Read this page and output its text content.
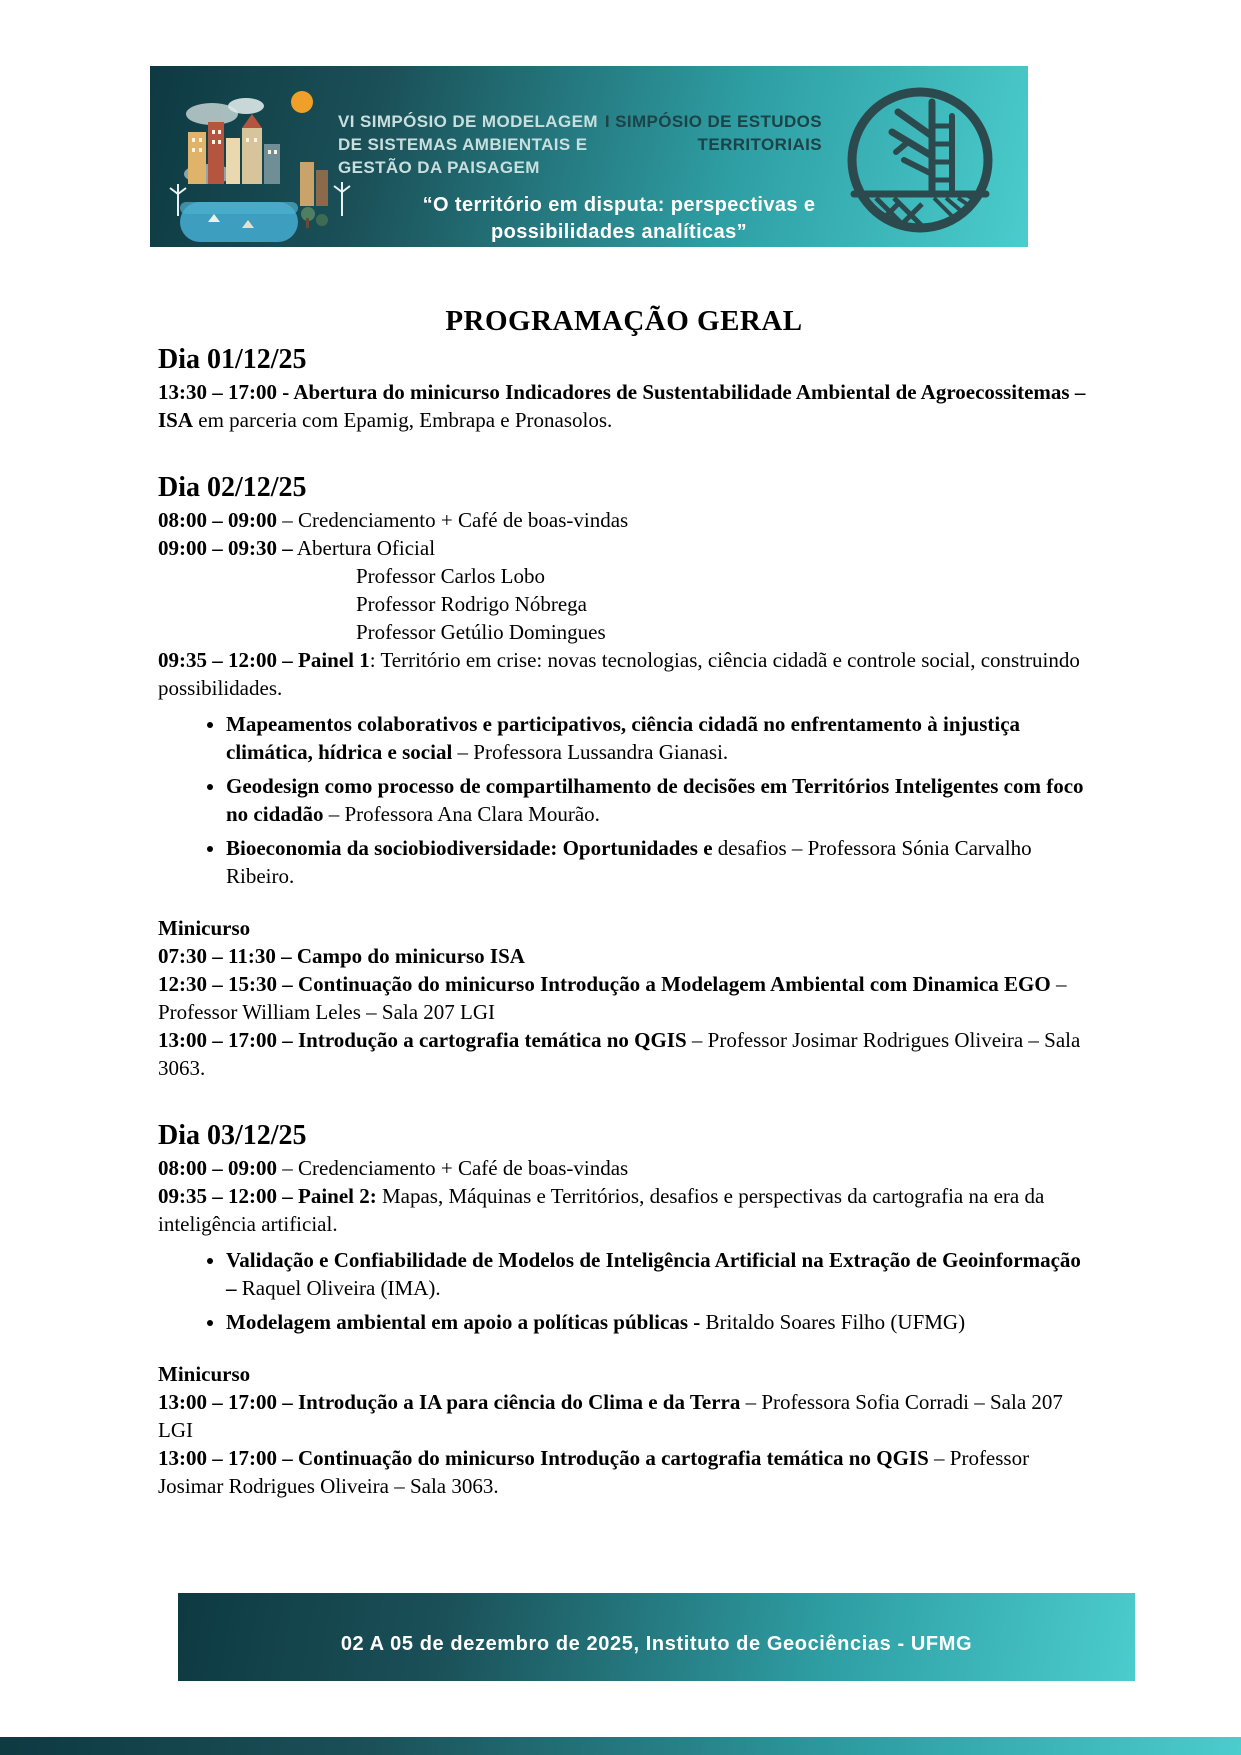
VI SIMPÓSIO DE MODELAGEM
DE SISTEMAS AMBIENTAIS E
GESTÃO DA PAISAGEM
I SIMPÓSIO DE ESTUDOS
TERRITORIAIS
“O território em disputa: perspectivas e
possibilidades analíticas”
PROGRAMAÇÃO GERAL
Dia 01/12/25

13:30 – 17:00 - Abertura do minicurso Indicadores de Sustentabilidade Ambiental de Agroecossitemas – ISA em parceria com Epamig, Embrapa e Pronasolos.

Dia 02/12/25

08:00 – 09:00 – Credenciamento + Café de boas-vindas

09:00 – 09:30 – Abertura Oficial

Professor Carlos Lobo

Professor Rodrigo Nóbrega

Professor Getúlio Domingues

09:35 – 12:00 – Painel 1: Território em crise: novas tecnologias, ciência cidadã e controle social, construindo possibilidades.

• Mapeamentos colaborativos e participativos, ciência cidadã no enfrentamento à injustiça climática, hídrica e social – Professora Lussandra Gianasi.
• Geodesign como processo de compartilhamento de decisões em Territórios Inteligentes com foco no cidadão – Professora Ana Clara Mourão.
• Bioeconomia da sociobiodiversidade: Oportunidades e desafios – Professora Sónia Carvalho Ribeiro.

Minicurso

07:30 – 11:30 – Campo do minicurso ISA

12:30 – 15:30 – Continuação do minicurso Introdução a Modelagem Ambiental com Dinamica EGO – Professor William Leles – Sala 207 LGI

13:00 – 17:00 – Introdução a cartografia temática no QGIS – Professor Josimar Rodrigues Oliveira – Sala 3063.

Dia 03/12/25

08:00 – 09:00 – Credenciamento + Café de boas-vindas

09:35 – 12:00 – Painel 2: Mapas, Máquinas e Territórios, desafios e perspectivas da cartografia na era da inteligência artificial.

• Validação e Confiabilidade de Modelos de Inteligência Artificial na Extração de Geoinformação – Raquel Oliveira (IMA).
• Modelagem ambiental em apoio a políticas públicas - Britaldo Soares Filho (UFMG)

Minicurso

13:00 – 17:00 – Introdução a IA para ciência do Clima e da Terra – Professora Sofia Corradi – Sala 207 LGI

13:00 – 17:00 – Continuação do minicurso Introdução a cartografia temática no QGIS – Professor Josimar Rodrigues Oliveira – Sala 3063.

02 A 05 de dezembro de 2025, Instituto de Geociências - UFMG
